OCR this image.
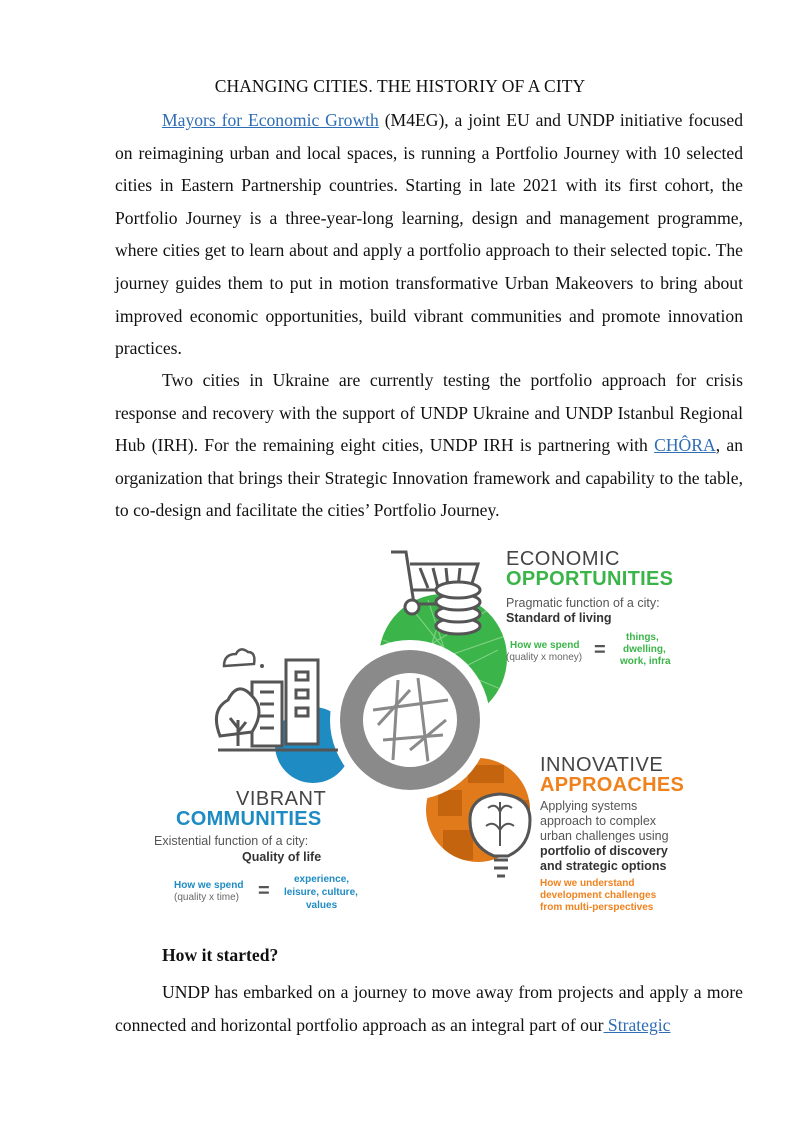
CHANGING CITIES. THE HISTORIY OF A CITY

Mayors for Economic Growth (M4EG), a joint EU and UNDP initiative focused on reimagining urban and local spaces, is running a Portfolio Journey with 10 selected cities in Eastern Partnership countries. Starting in late 2021 with its first cohort, the Portfolio Journey is a three-year-long learning, design and management programme, where cities get to learn about and apply a portfolio approach to their selected topic. The journey guides them to put in motion transformative Urban Makeovers to bring about improved economic opportunities, build vibrant communities and promote innovation practices.

Two cities in Ukraine are currently testing the portfolio approach for crisis response and recovery with the support of UNDP Ukraine and UNDP Istanbul Regional Hub (IRH). For the remaining eight cities, UNDP IRH is partnering with CHÔRA, an organization that brings their Strategic Innovation framework and capability to the table, to co-design and facilitate the cities’ Portfolio Journey.

ECONOMIC
OPPORTUNITIES
Pragmatic function of a city:
Standard of living
How we spend
(quality x money) =
things,
dwelling,
work, infra
VIBRANT
COMMUNITIES
Existential function of a city:
Quality of life
How we spend
(quality x time) =
experience,
leisure, culture,
values
INNOVATIVE
APPROACHES
Applying systems
approach to complex
urban challenges using
portfolio of discovery
and strategic options
How we understand
development challenges
from multi-perspectives
How it started?

UNDP has embarked on a journey to move away from projects and apply a more connected and horizontal portfolio approach as an integral part of our Strategic
